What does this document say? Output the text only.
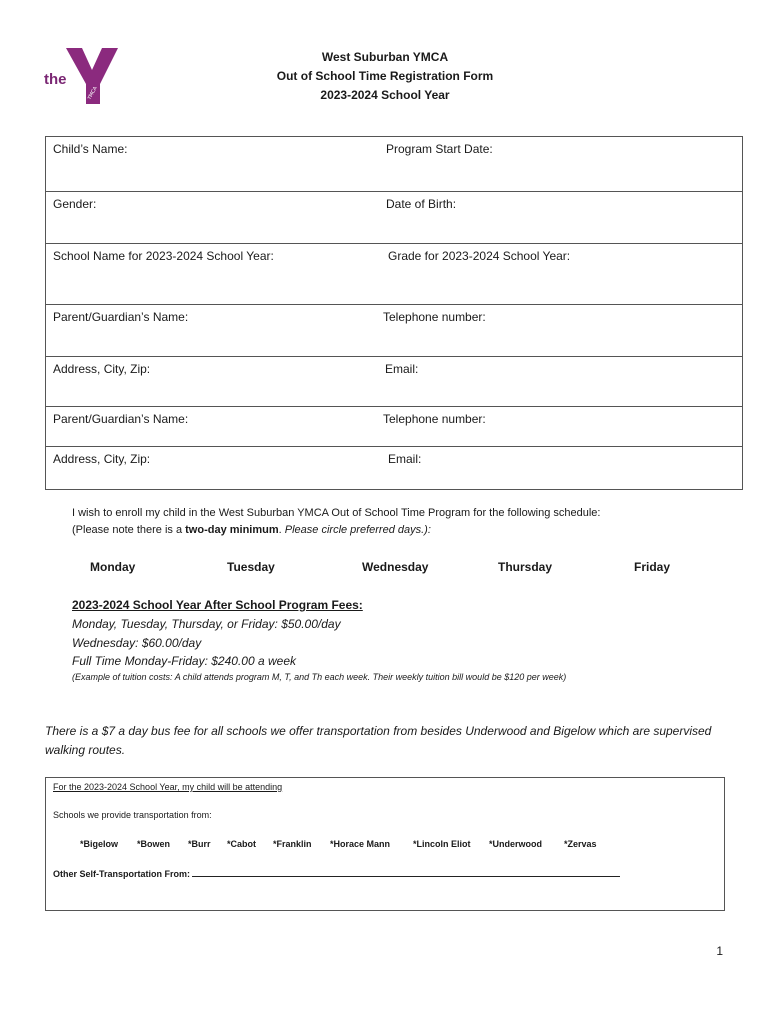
YMCA
the
West Suburban YMCA
Out of School Time Registration Form
2023-2024 School Year
Child’s Name:	Program Start Date:
Gender:	Date of Birth:
School Name for 2023-2024 School Year:	Grade for 2023-2024 School Year:
Parent/Guardian’s Name:	Telephone number:
Address, City, Zip:	Email:
Parent/Guardian’s Name:	Telephone number:
Address, City, Zip:	Email:
I wish to enroll my child in the West Suburban YMCA Out of School Time Program for the following schedule:
(Please note there is a two-day minimum. Please circle preferred days.):
Monday	Tuesday	Wednesday	Thursday	Friday
2023-2024 School Year After School Program Fees:
Monday, Tuesday, Thursday, or Friday: $50.00/day
Wednesday: $60.00/day
Full Time Monday-Friday: $240.00 a week
(Example of tuition costs: A child attends program M, T, and Th each week. Their weekly tuition bill would be $120 per week)
There is a $7 a day bus fee for all schools we offer transportation from besides Underwood and Bigelow which are supervised walking routes.
For the 2023-2024 School Year, my child will be attending
Schools we provide transportation from:
*Bigelow *Bowen *Burr *Cabot *Franklin *Horace Mann	*Lincoln Eliot *Underwood *Zervas
Other Self-Transportation From:
1
